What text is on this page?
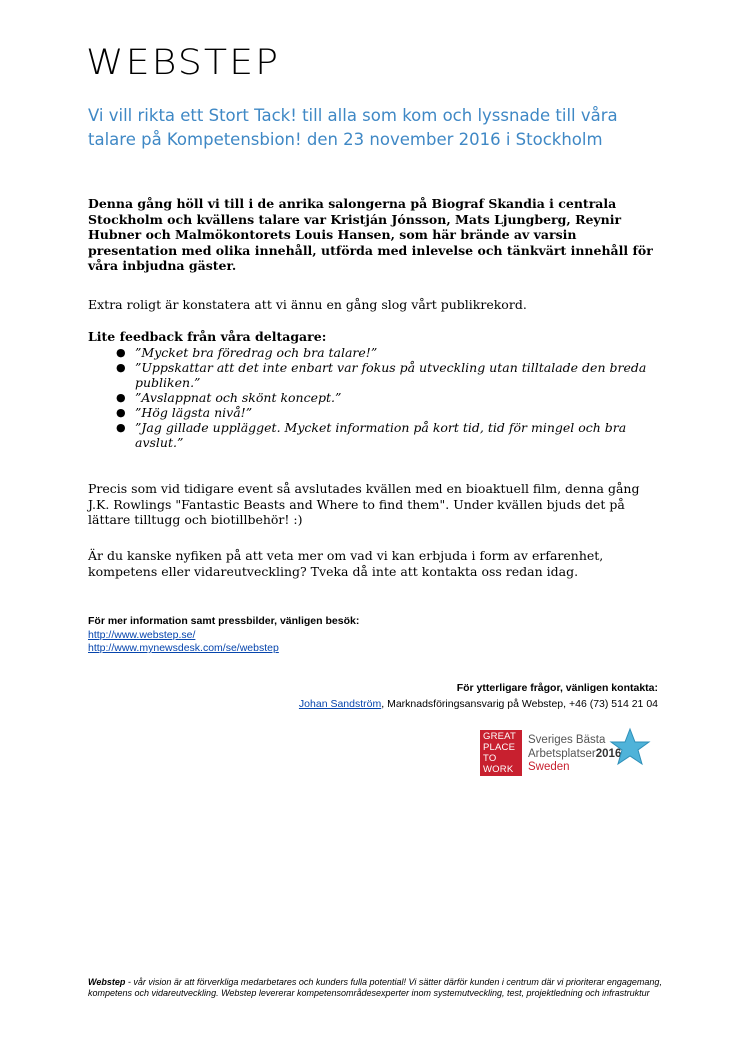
WEBSTEP
Vi vill rikta ett Stort Tack! till alla som kom och lyssnade till våra talare på Kompetensbion! den 23 november 2016 i Stockholm

Denna gång höll vi till i de anrika salongerna på Biograf Skandia i centrala Stockholm och kvällens talare var Kristján Jónsson, Mats Ljungberg, Reynir Hubner och Malmökontorets Louis Hansen, som här brände av varsin presentation med olika innehåll, utförda med inlevelse och tänkvärt innehåll för våra inbjudna gäster.

Extra roligt är konstatera att vi ännu en gång slog vårt publikrekord.

Lite feedback från våra deltagare:

● ”Mycket bra föredrag och bra talare!”
● ”Uppskattar att det inte enbart var fokus på utveckling utan tilltalade den breda publiken.”
● ”Avslappnat och skönt koncept.”
● ”Hög lägsta nivå!”
● ”Jag gillade upplägget. Mycket information på kort tid, tid för mingel och bra avslut.”

Precis som vid tidigare event så avslutades kvällen med en bioaktuell film, denna gång J.K. Rowlings "Fantastic Beasts and Where to find them". Under kvällen bjuds det på lättare tilltugg och biotillbehör! :)

Är du kanske nyfiken på att veta mer om vad vi kan erbjuda i form av erfarenhet, kompetens eller vidareutveckling? Tveka då inte att kontakta oss redan idag.

För mer information samt pressbilder, vänligen besök:
http://www.webstep.se/
http://www.mynewsdesk.com/se/webstep
För ytterligare frågor, vänligen kontakta:
Johan Sandström, Marknadsföringsansvarig på Webstep, +46 (73) 514 21 04
GREAT
PLACE
TO
WORK
Sveriges Bästa
Arbetsplatser2016
Sweden
Webstep - vår vision är att förverkliga medarbetares och kunders fulla potential! Vi sätter därför kunden i centrum där vi prioriterar engagemang, kompetens och vidareutveckling. Webstep levererar kompetensområdesexperter inom systemutveckling, test, projektledning och infrastruktur
